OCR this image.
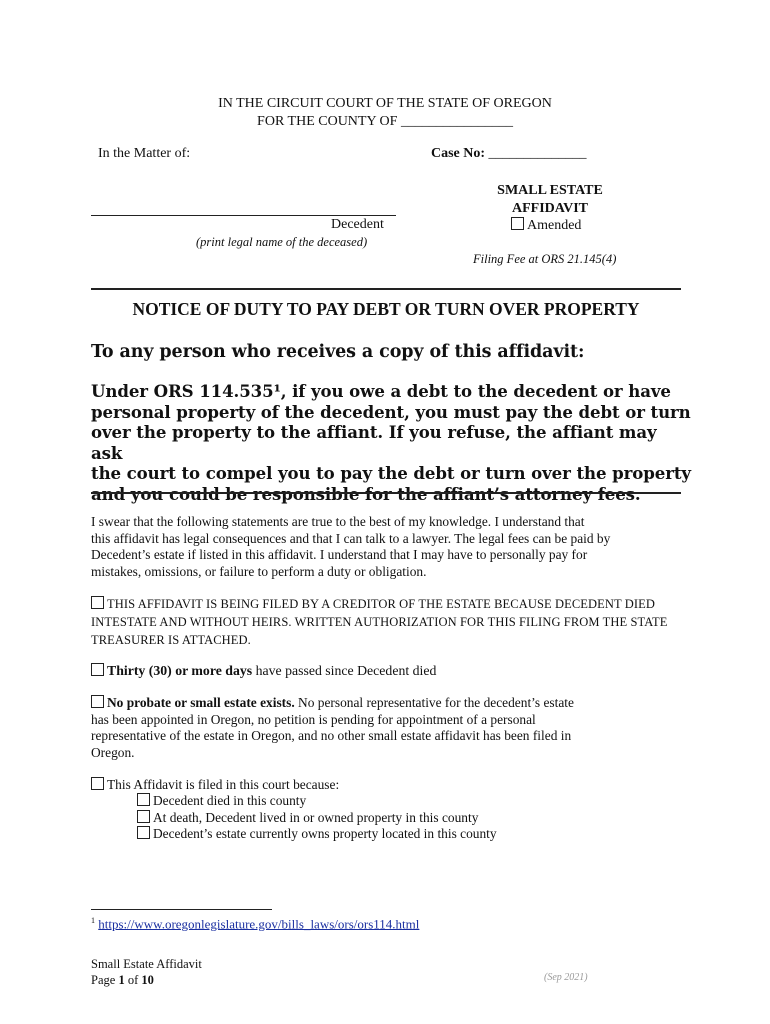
IN THE CIRCUIT COURT OF THE STATE OF OREGON
FOR THE COUNTY OF ________________
In the Matter of:	Case No: ______________
Decedent
(print legal name of the deceased)
SMALL ESTATE
AFFIDAVIT
Amended
Filing Fee at ORS 21.145(4)
NOTICE OF DUTY TO PAY DEBT OR TURN OVER PROPERTY
To any person who receives a copy of this affidavit:
Under ORS 114.535¹, if you owe a debt to the decedent or have
personal property of the decedent, you must pay the debt or turn
over the property to the affiant. If you refuse, the affiant may ask
the court to compel you to pay the debt or turn over the property
I swear that the following statements are true to the best of my knowledge. I understand that
this affidavit has legal consequences and that I can talk to a lawyer. The legal fees can be paid by
Decedent’s estate if listed in this affidavit. I understand that I may have to personally pay for
mistakes, omissions, or failure to perform a duty or obligation.
THIS AFFIDAVIT IS BEING FILED BY A CREDITOR OF THE ESTATE BECAUSE DECEDENT DIED
INTESTATE AND WITHOUT HEIRS. WRITTEN AUTHORIZATION FOR THIS FILING FROM THE STATE
TREASURER IS ATTACHED.
Thirty (30) or more days have passed since Decedent died
No probate or small estate exists. No personal representative for the decedent’s estate
has been appointed in Oregon, no petition is pending for appointment of a personal
representative of the estate in Oregon, and no other small estate affidavit has been filed in
Oregon.
This Affidavit is filed in this court because:
Decedent died in this county
At death, Decedent lived in or owned property in this county
Decedent’s estate currently owns property located in this county
$^1$ https://www.oregonlegislature.gov/bills_laws/ors/ors114.html
Small Estate Affidavit
Page 1 of 10	(Sep 2021)
